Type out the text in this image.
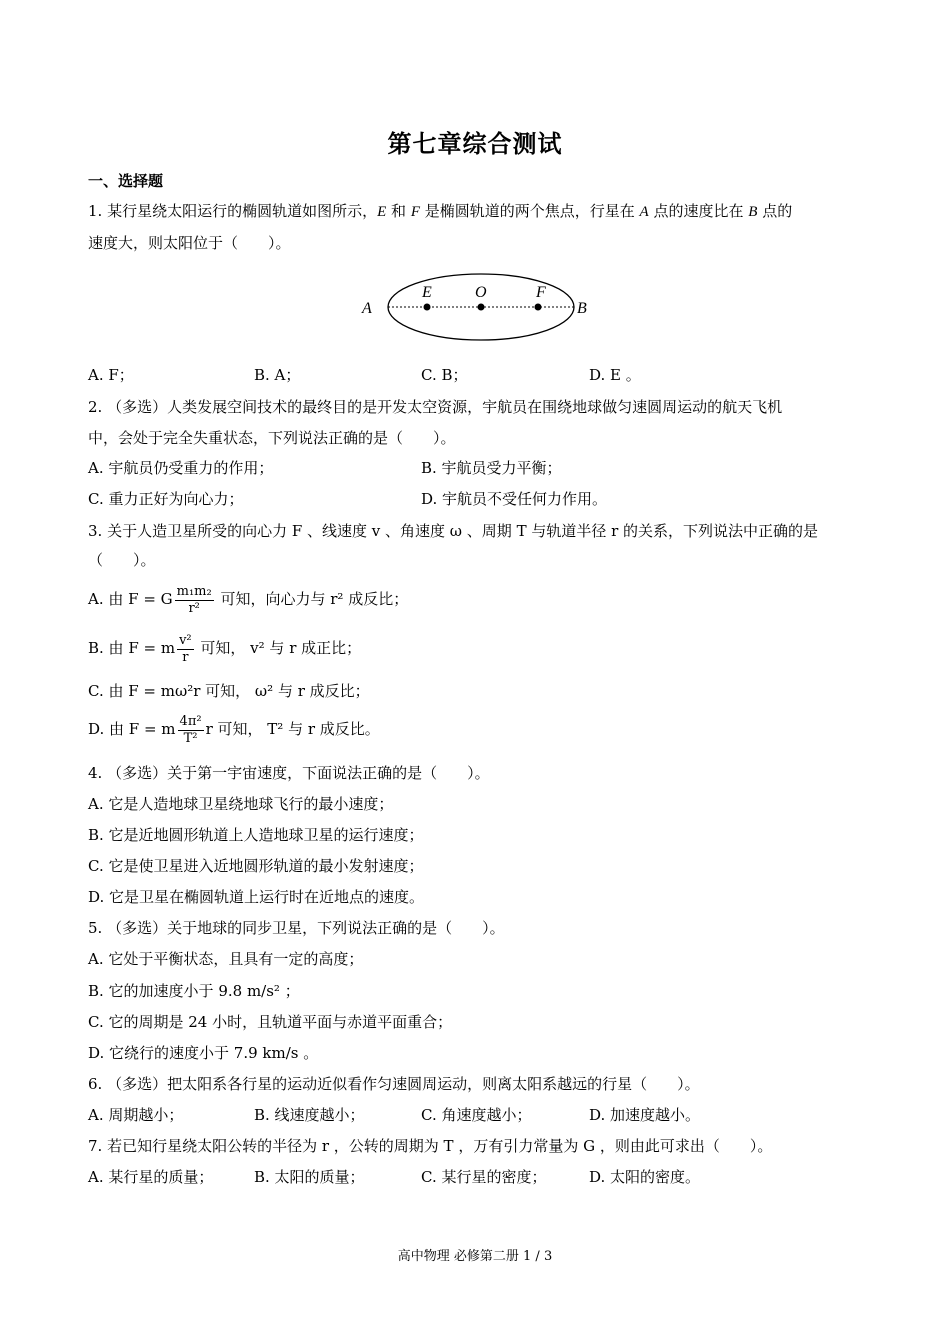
第七章综合测试
一、选择题
1. 某行星绕太阳运行的椭圆轨道如图所示，E 和 F 是椭圆轨道的两个焦点，行星在 A 点的速度比在 B 点的
速度大，则太阳位于（　　）。
A
E	O	F
B
A. F；	B. A；	C. B；	D. E 。
2. （多选）人类发展空间技术的最终目的是开发太空资源，宇航员在围绕地球做匀速圆周运动的航天飞机
中，会处于完全失重状态，下列说法正确的是（　　）。
A. 宇航员仍受重力的作用；	B. 宇航员受力平衡；
C. 重力正好为向心力；	D. 宇航员不受任何力作用。
3. 关于人造卫星所受的向心力 F 、线速度 v 、角速度 ω 、周期 T 与轨道半径 r 的关系，下列说法中正确的是
（　　）。
A. 由 F = G $\frac{\text{m₁m₂}}{\text{r²}}$ 可知，向心力与 r² 成反比；
B. 由 F = m $\frac{\text{v²}}{r}$ 可知， v² 与 r 成正比；
C. 由 F = mω²r 可知， ω² 与 r 成反比；
D. 由 F = m $\frac{\text{4π²}}{\text{T²}}$ r 可知， T² 与 r 成反比。
4. （多选）关于第一宇宙速度，下面说法正确的是（　　）。
A. 它是人造地球卫星绕地球飞行的最小速度；
B. 它是近地圆形轨道上人造地球卫星的运行速度；
C. 它是使卫星进入近地圆形轨道的最小发射速度；
D. 它是卫星在椭圆轨道上运行时在近地点的速度。
5. （多选）关于地球的同步卫星，下列说法正确的是（　　）。
A. 它处于平衡状态，且具有一定的高度；
B. 它的加速度小于 9.8 m/s² ；
C. 它的周期是 24 小时，且轨道平面与赤道平面重合；
D. 它绕行的速度小于 7.9 km/s 。
6. （多选）把太阳系各行星的运动近似看作匀速圆周运动，则离太阳系越远的行星（　　）。
A. 周期越小；	B. 线速度越小；	C. 角速度越小；	D. 加速度越小。
7. 若已知行星绕太阳公转的半径为 r ，公转的周期为 T ，万有引力常量为 G ，则由此可求出（　　）。
A. 某行星的质量；	B. 太阳的质量；	C. 某行星的密度；	D. 太阳的密度。
高中物理 必修第二册 1 / 3
